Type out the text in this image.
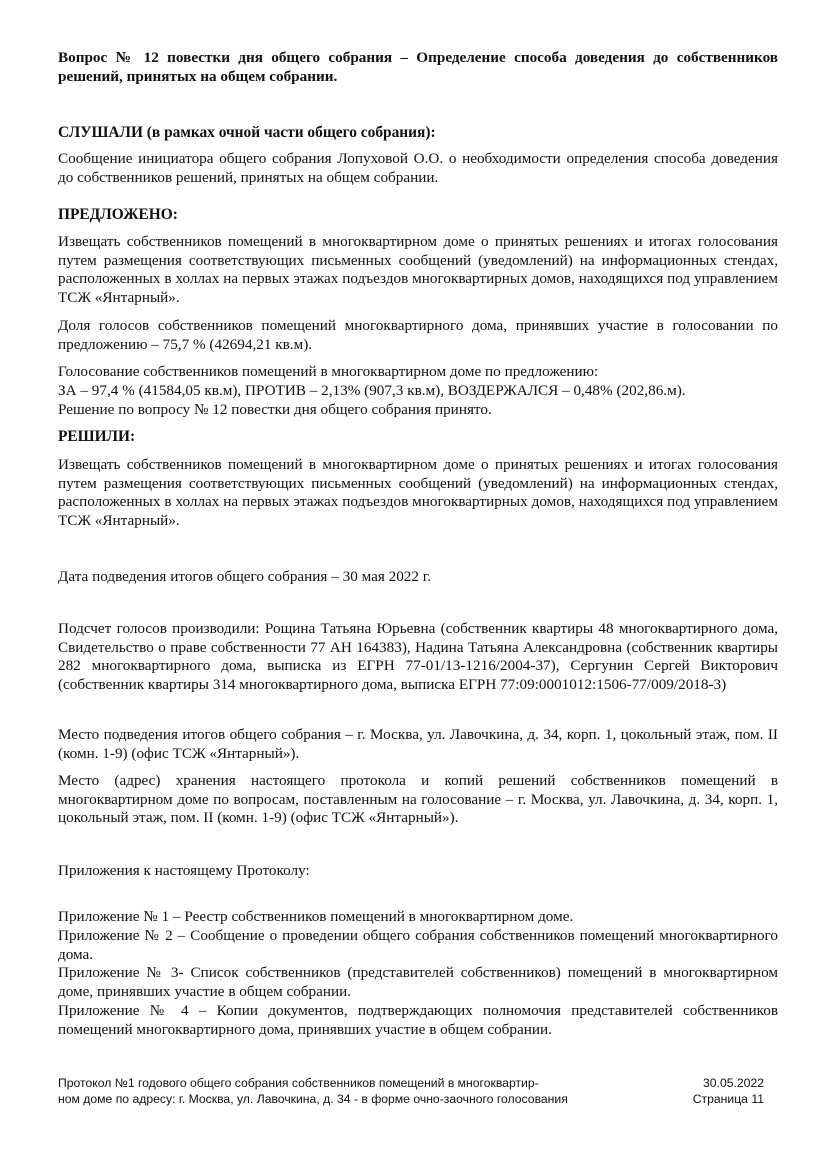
Вопрос № 12 повестки дня общего собрания – Определение способа доведения до собственников решений, принятых на общем собрании.

СЛУШАЛИ (в рамках очной части общего собрания):

Сообщение инициатора общего собрания Лопуховой О.О. о необходимости определения способа доведения до собственников решений, принятых на общем собрании.

ПРЕДЛОЖЕНО:

Извещать собственников помещений в многоквартирном доме о принятых решениях и итогах голосования путем размещения соответствующих письменных сообщений (уведомлений) на информационных стендах, расположенных в холлах на первых этажах подъездов многоквартирных домов, находящихся под управлением ТСЖ «Янтарный».

Доля голосов собственников помещений многоквартирного дома, принявших участие в голосовании по предложению – 75,7 % (42694,21 кв.м).

Голосование собственников помещений в многоквартирном доме по предложению:

ЗА – 97,4 % (41584,05 кв.м), ПРОТИВ – 2,13% (907,3 кв.м), ВОЗДЕРЖАЛСЯ – 0,48% (202,86.м).

Решение по вопросу № 12 повестки дня общего собрания принято.

РЕШИЛИ:

Извещать собственников помещений в многоквартирном доме о принятых решениях и итогах голосования путем размещения соответствующих письменных сообщений (уведомлений) на информационных стендах, расположенных в холлах на первых этажах подъездов многоквартирных домов, находящихся под управлением ТСЖ «Янтарный».

Дата подведения итогов общего собрания – 30 мая 2022 г.

Подсчет голосов производили: Рощина Татьяна Юрьевна (собственник квартиры 48 многоквартирного дома, Свидетельство о праве собственности 77 АН 164383), Надина Татьяна Александровна (собственник квартиры 282 многоквартирного дома, выписка из ЕГРН 77-01/13-1216/2004-37), Сергунин Сергей Викторович (собственник квартиры 314 многоквартирного дома, выписка ЕГРН 77:09:0001012:1506-77/009/2018-3)

Место подведения итогов общего собрания – г. Москва, ул. Лавочкина, д. 34, корп. 1, цокольный этаж, пом. II (комн. 1-9) (офис ТСЖ «Янтарный»).

Место (адрес) хранения настоящего протокола и копий решений собственников помещений в многоквартирном доме по вопросам, поставленным на голосование – г. Москва, ул. Лавочкина, д. 34, корп. 1, цокольный этаж, пом. II (комн. 1-9) (офис ТСЖ «Янтарный»).

Приложения к настоящему Протоколу:

Приложение № 1 – Реестр собственников помещений в многоквартирном доме.

Приложение № 2 – Сообщение о проведении общего собрания собственников помещений многоквартирного дома.

Приложение № 3- Список собственников (представителей собственников) помещений в многоквартирном доме, принявших участие в общем собрании.

Приложение № 4 – Копии документов, подтверждающих полномочия представителей собственников помещений многоквартирного дома, принявших участие в общем собрании.

Протокол №1 годового общего собрания собственников помещений в многоквартир-
ном доме по адресу: г. Москва, ул. Лавочкина, д. 34 - в форме очно-заочного голосования
30.05.2022
Страница 11
